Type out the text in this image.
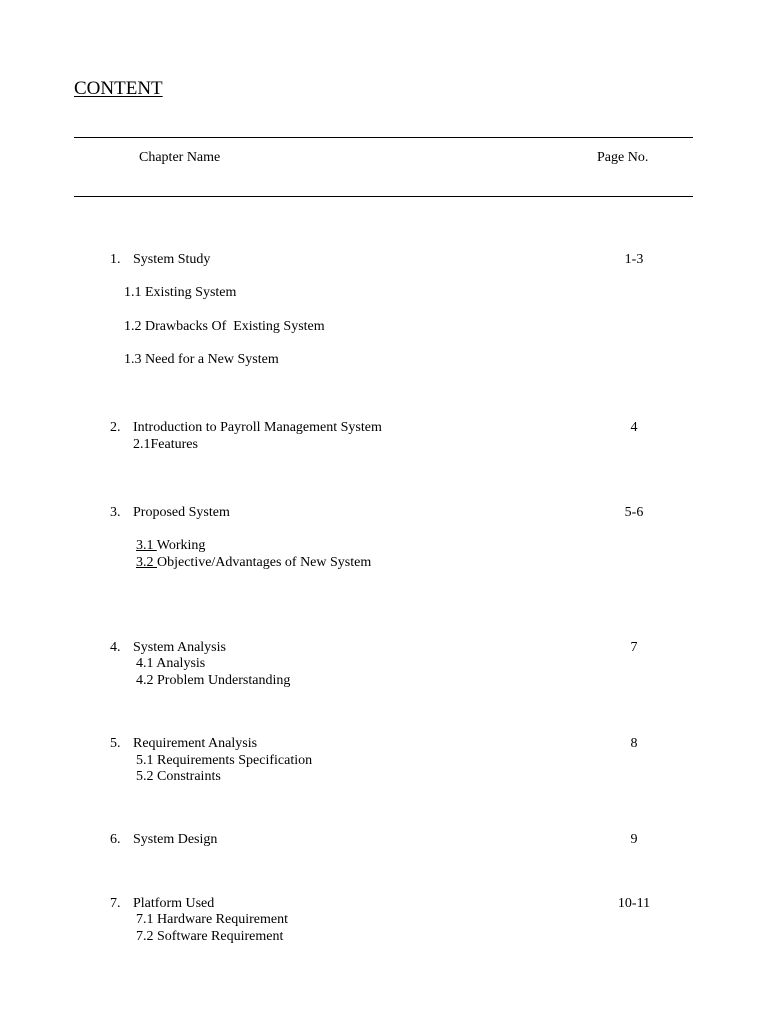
CONTENT
Chapter Name	Page No.
1. System Study	1-3
1.1 Existing System
1.2 Drawbacks Of  Existing System
1.3 Need for a New System
2. Introduction to Payroll Management System	4
2.1Features
3. Proposed System	5-6
3.1 Working
3.2 Objective/Advantages of New System
4. System Analysis	7
4.1 Analysis
4.2 Problem Understanding
5. Requirement Analysis	8
5.1 Requirements Specification
5.2 Constraints
6. System Design	9
7. Platform Used	10-11
7.1 Hardware Requirement
7.2 Software Requirement
